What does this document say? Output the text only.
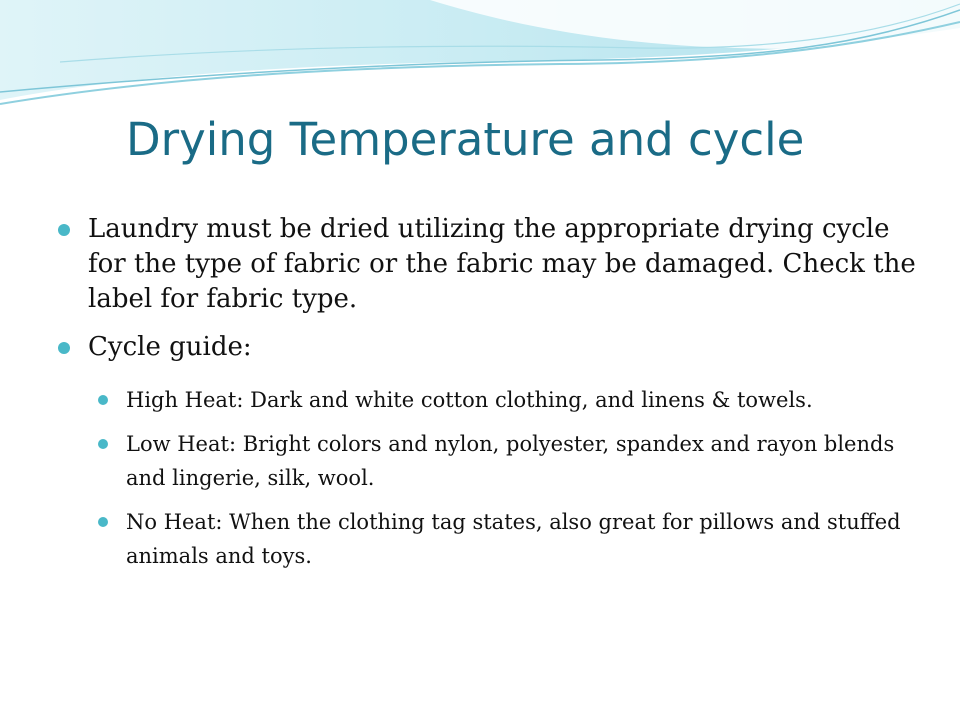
Drying Temperature and cycle

Laundry must be dried utilizing the appropriate drying cycle for the type of fabric or the fabric may be damaged. Check the label for fabric type.

Cycle guide:

High Heat: Dark and white cotton clothing, and linens & towels.

Low Heat: Bright colors and nylon, polyester, spandex and rayon blends and lingerie, silk, wool.

No Heat: When the clothing tag states, also great for pillows and stuffed animals and toys.
